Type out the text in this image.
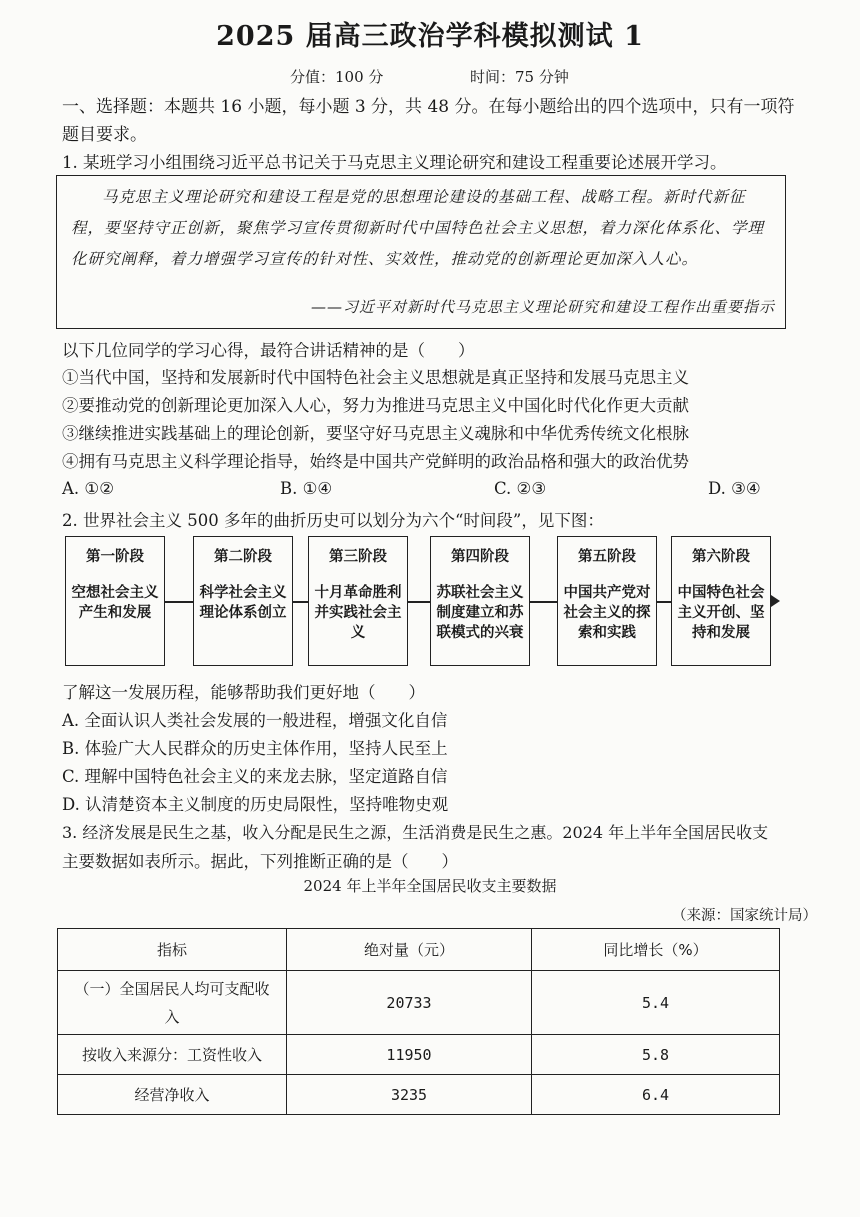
2025 届高三政治学科模拟测试 1
分值：100 分	时间：75 分钟
一、选择题：本题共 16 小题，每小题 3 分，共 48 分。在每小题给出的四个选项中，只有一项符
题目要求。
1. 某班学习小组围绕习近平总书记关于马克思主义理论研究和建设工程重要论述展开学习。
马克思主义理论研究和建设工程是党的思想理论建设的基础工程、战略工程。新时代新征程，要坚持守正创新，聚焦学习宣传贯彻新时代中国特色社会主义思想，着力深化体系化、学理化研究阐释，着力增强学习宣传的针对性、实效性，推动党的创新理论更加深入人心。
——习近平对新时代马克思主义理论研究和建设工程作出重要指示
以下几位同学的学习心得，最符合讲话精神的是（　　）
①当代中国，坚持和发展新时代中国特色社会主义思想就是真正坚持和发展马克思主义
②要推动党的创新理论更加深入人心，努力为推进马克思主义中国化时代化作更大贡献
③继续推进实践基础上的理论创新，要坚守好马克思主义魂脉和中华优秀传统文化根脉
④拥有马克思主义科学理论指导，始终是中国共产党鲜明的政治品格和强大的政治优势
A. ①②	B. ①④	C. ②③	D. ③④
2. 世界社会主义 500 多年的曲折历史可以划分为六个“时间段”，见下图：
第一阶段
空想社会主义产生和发展
第二阶段
科学社会主义理论体系创立
第三阶段
十月革命胜利并实践社会主义
第四阶段
苏联社会主义制度建立和苏联模式的兴衰
第五阶段
中国共产党对社会主义的探索和实践
第六阶段
中国特色社会主义开创、坚持和发展
了解这一发展历程，能够帮助我们更好地（　　）
A. 全面认识人类社会发展的一般进程，增强文化自信
B. 体验广大人民群众的历史主体作用，坚持人民至上
C. 理解中国特色社会主义的来龙去脉，坚定道路自信
D. 认清楚资本主义制度的历史局限性，坚持唯物史观
3. 经济发展是民生之基，收入分配是民生之源，生活消费是民生之惠。2024 年上半年全国居民收支
主要数据如表所示。据此，下列推断正确的是（　　）
2024 年上半年全国居民收支主要数据
（来源：国家统计局）
指标	绝对量（元）	同比增长（%）
（一）全国居民人均可支配收入	20733	5.4
按收入来源分：工资性收入	11950	5.8
经营净收入	3235	6.4
